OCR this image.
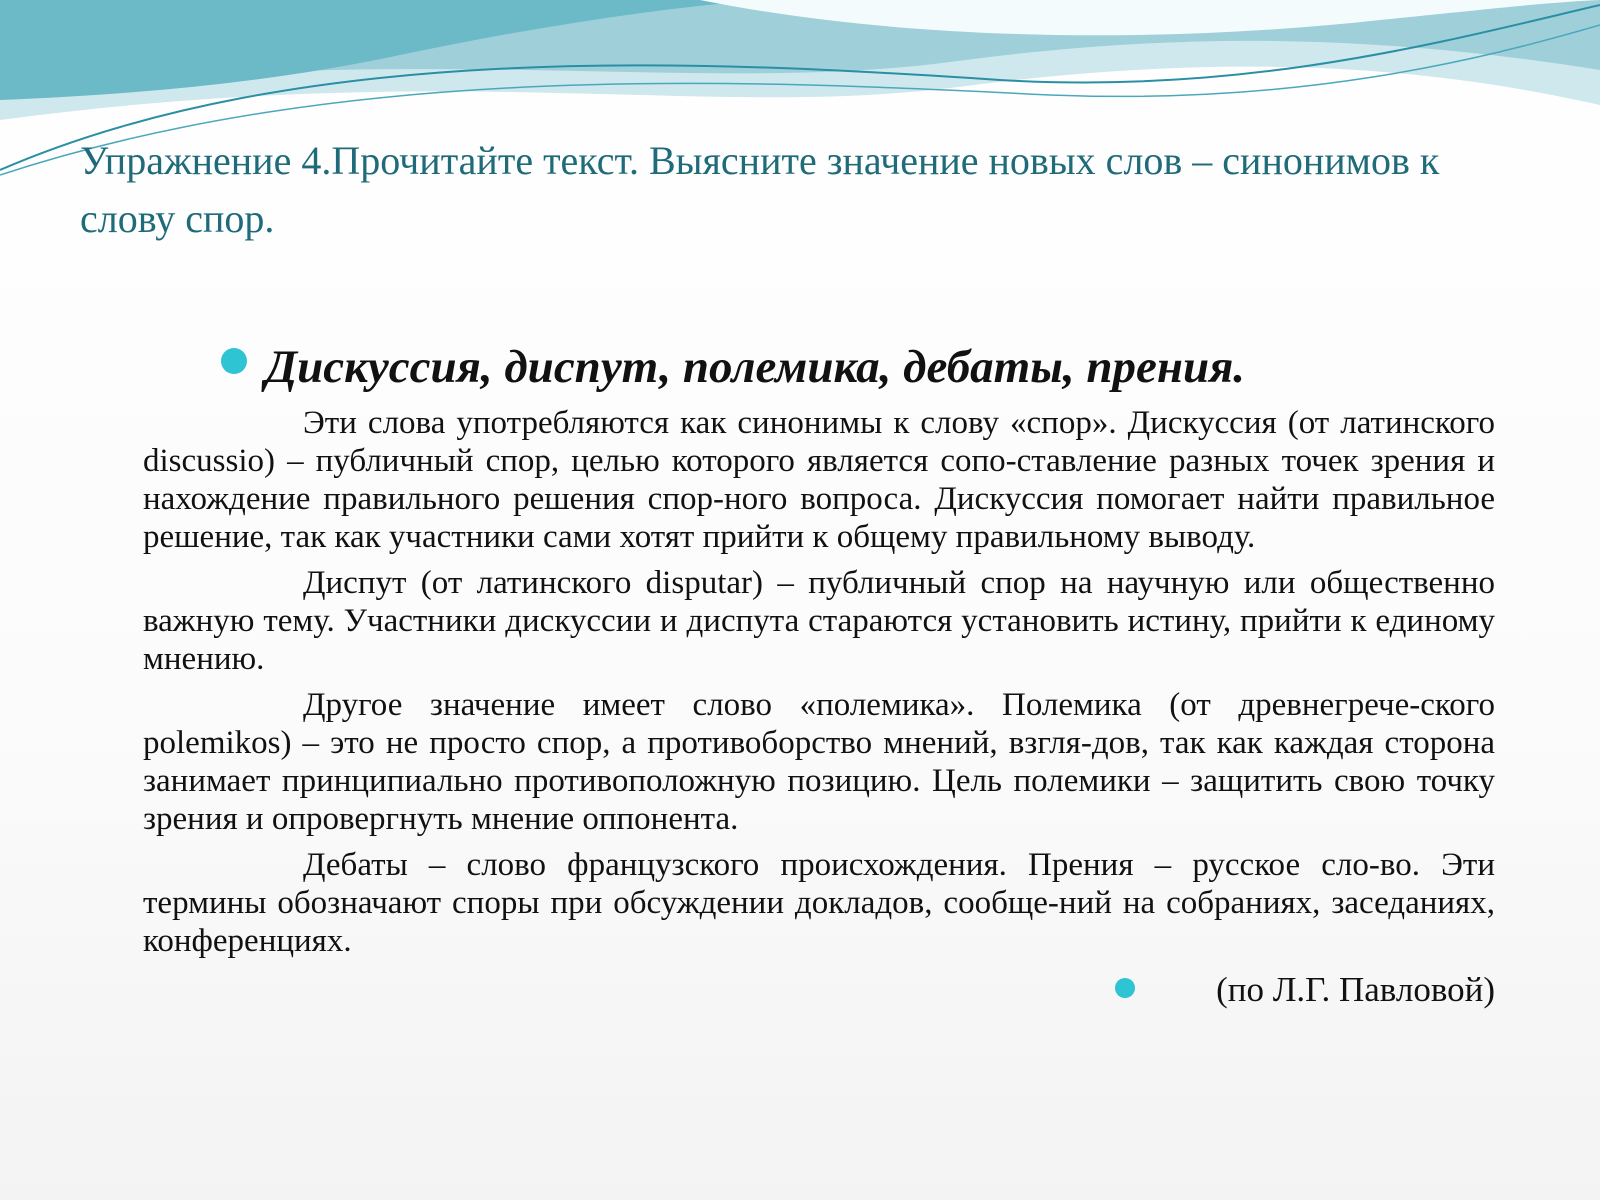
Упражнение 4.Прочитайте текст. Выясните значение новых слов – синонимов к слову спор.
Дискуссия, диспут, полемика, дебаты, прения.

Эти слова употребляются как синонимы к слову «спор». Дискуссия (от латинского discussio) – публичный спор, целью которого является сопо-ставление разных точек зрения и нахождение правильного решения спор-ного вопроса. Дискуссия помогает найти правильное решение, так как участники сами хотят прийти к общему правильному выводу.

Диспут (от латинского disputar) – публичный спор на научную или общественно важную тему. Участники дискуссии и диспута стараются установить истину, прийти к единому мнению.

Другое значение имеет слово «полемика». Полемика (от древнегрече-ского polemikos) – это не просто спор, а противоборство мнений, взгля-дов, так как каждая сторона занимает принципиально противоположную позицию. Цель полемики – защитить свою точку зрения и опровергнуть мнение оппонента.

Дебаты – слово французского происхождения. Прения – русское сло-во. Эти термины обозначают споры при обсуждении докладов, сообще-ний на собраниях, заседаниях, конференциях.

(по Л.Г. Павловой)
